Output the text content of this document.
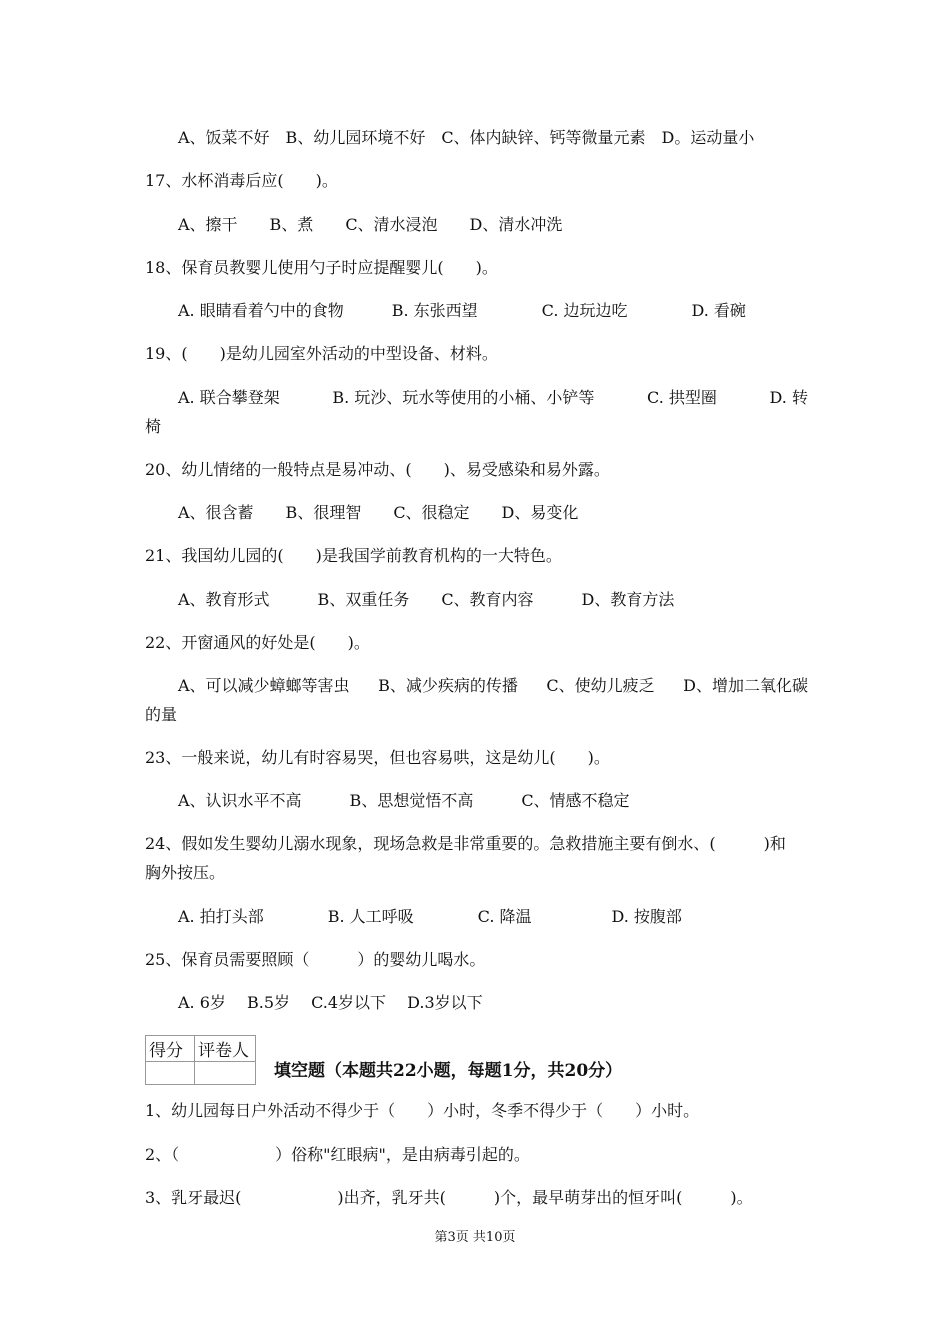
A、饭菜不好　B、幼儿园环境不好　C、体内缺锌、钙等微量元素　D。运动量小
17、水杯消毒后应(　　)。
A、擦干　　B、煮　　C、清水浸泡　　D、清水冲洗
18、保育员教婴儿使用勺子时应提醒婴儿(　　)。
A. 眼睛看着勺中的食物　　　B. 东张西望　　　　C. 边玩边吃　　　　D. 看碗
19、(　　)是幼儿园室外活动的中型设备、材料。
A. 联合攀登架	B. 玩沙、玩水等使用的小桶、小铲等	C. 拱型圈	D. 转
椅
20、幼儿情绪的一般特点是易冲动、(　　)、易受感染和易外露。
A、很含蓄　　B、很理智　　C、很稳定　　D、易变化
21、我国幼儿园的(　　)是我国学前教育机构的一大特色。
A、教育形式　　　B、双重任务　　C、教育内容　　　D、教育方法
22、开窗通风的好处是(　　)。
A、可以减少蟑螂等害虫 B、减少疾病的传播 C、使幼儿疲乏 D、增加二氧化碳
的量
23、一般来说，幼儿有时容易哭，但也容易哄，这是幼儿(　　)。
A、认识水平不高　　　B、思想觉悟不高　　　C、情感不稳定
24、假如发生婴幼儿溺水现象，现场急救是非常重要的。急救措施主要有倒水、(　　　)和
胸外按压。
A. 拍打头部　　　　B. 人工呼吸　　　　C. 降温　　　　　D. 按腹部
25、保育员需要照顾（　　　）的婴幼儿喝水。
A. 6岁　 B.5岁　 C.4岁以下　 D.3岁以下
得分	评卷人

填空题（本题共22小题，每题1分，共20分）
1、幼儿园每日户外活动不得少于（　　）小时，冬季不得少于（　　）小时。
2、（　　　　　　）俗称"红眼病"，是由病毒引起的。
3、乳牙最迟(　　　　　　)出齐，乳牙共(　　　)个，最早萌芽出的恒牙叫(　　　)。
第3页 共10页
